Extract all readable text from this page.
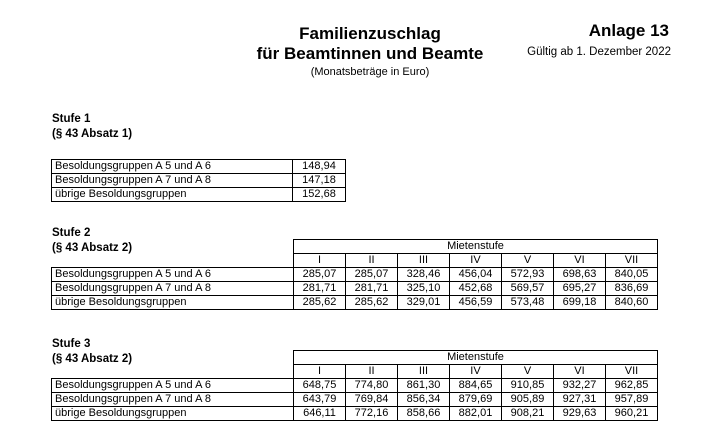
Familienzuschlag
für Beamtinnen und Beamte
(Monatsbeträge in Euro)
Anlage 13
Gültig ab 1. Dezember 2022
Stufe 1
(§ 43 Absatz 1)
Besoldungsgruppen A 5 und A 6	148,94
Besoldungsgruppen A 7 und A 8	147,18
übrige Besoldungsgruppen	152,68
Stufe 2
(§ 43 Absatz 2)
		Mietenstufe						
	I	II	III	IV	V	VI	VII
Besoldungsgruppen A 5 und A 6	285,07	285,07	328,46	456,04	572,93	698,63	840,05
Besoldungsgruppen A 7 und A 8	281,71	281,71	325,10	452,68	569,57	695,27	836,69
übrige Besoldungsgruppen	285,62	285,62	329,01	456,59	573,48	699,18	840,60
Stufe 3
(§ 43 Absatz 2)
		Mietenstufe						
	I	II	III	IV	V	VI	VII
Besoldungsgruppen A 5 und A 6	648,75	774,80	861,30	884,65	910,85	932,27	962,85
Besoldungsgruppen A 7 und A 8	643,79	769,84	856,34	879,69	905,89	927,31	957,89
übrige Besoldungsgruppen	646,11	772,16	858,66	882,01	908,21	929,63	960,21
